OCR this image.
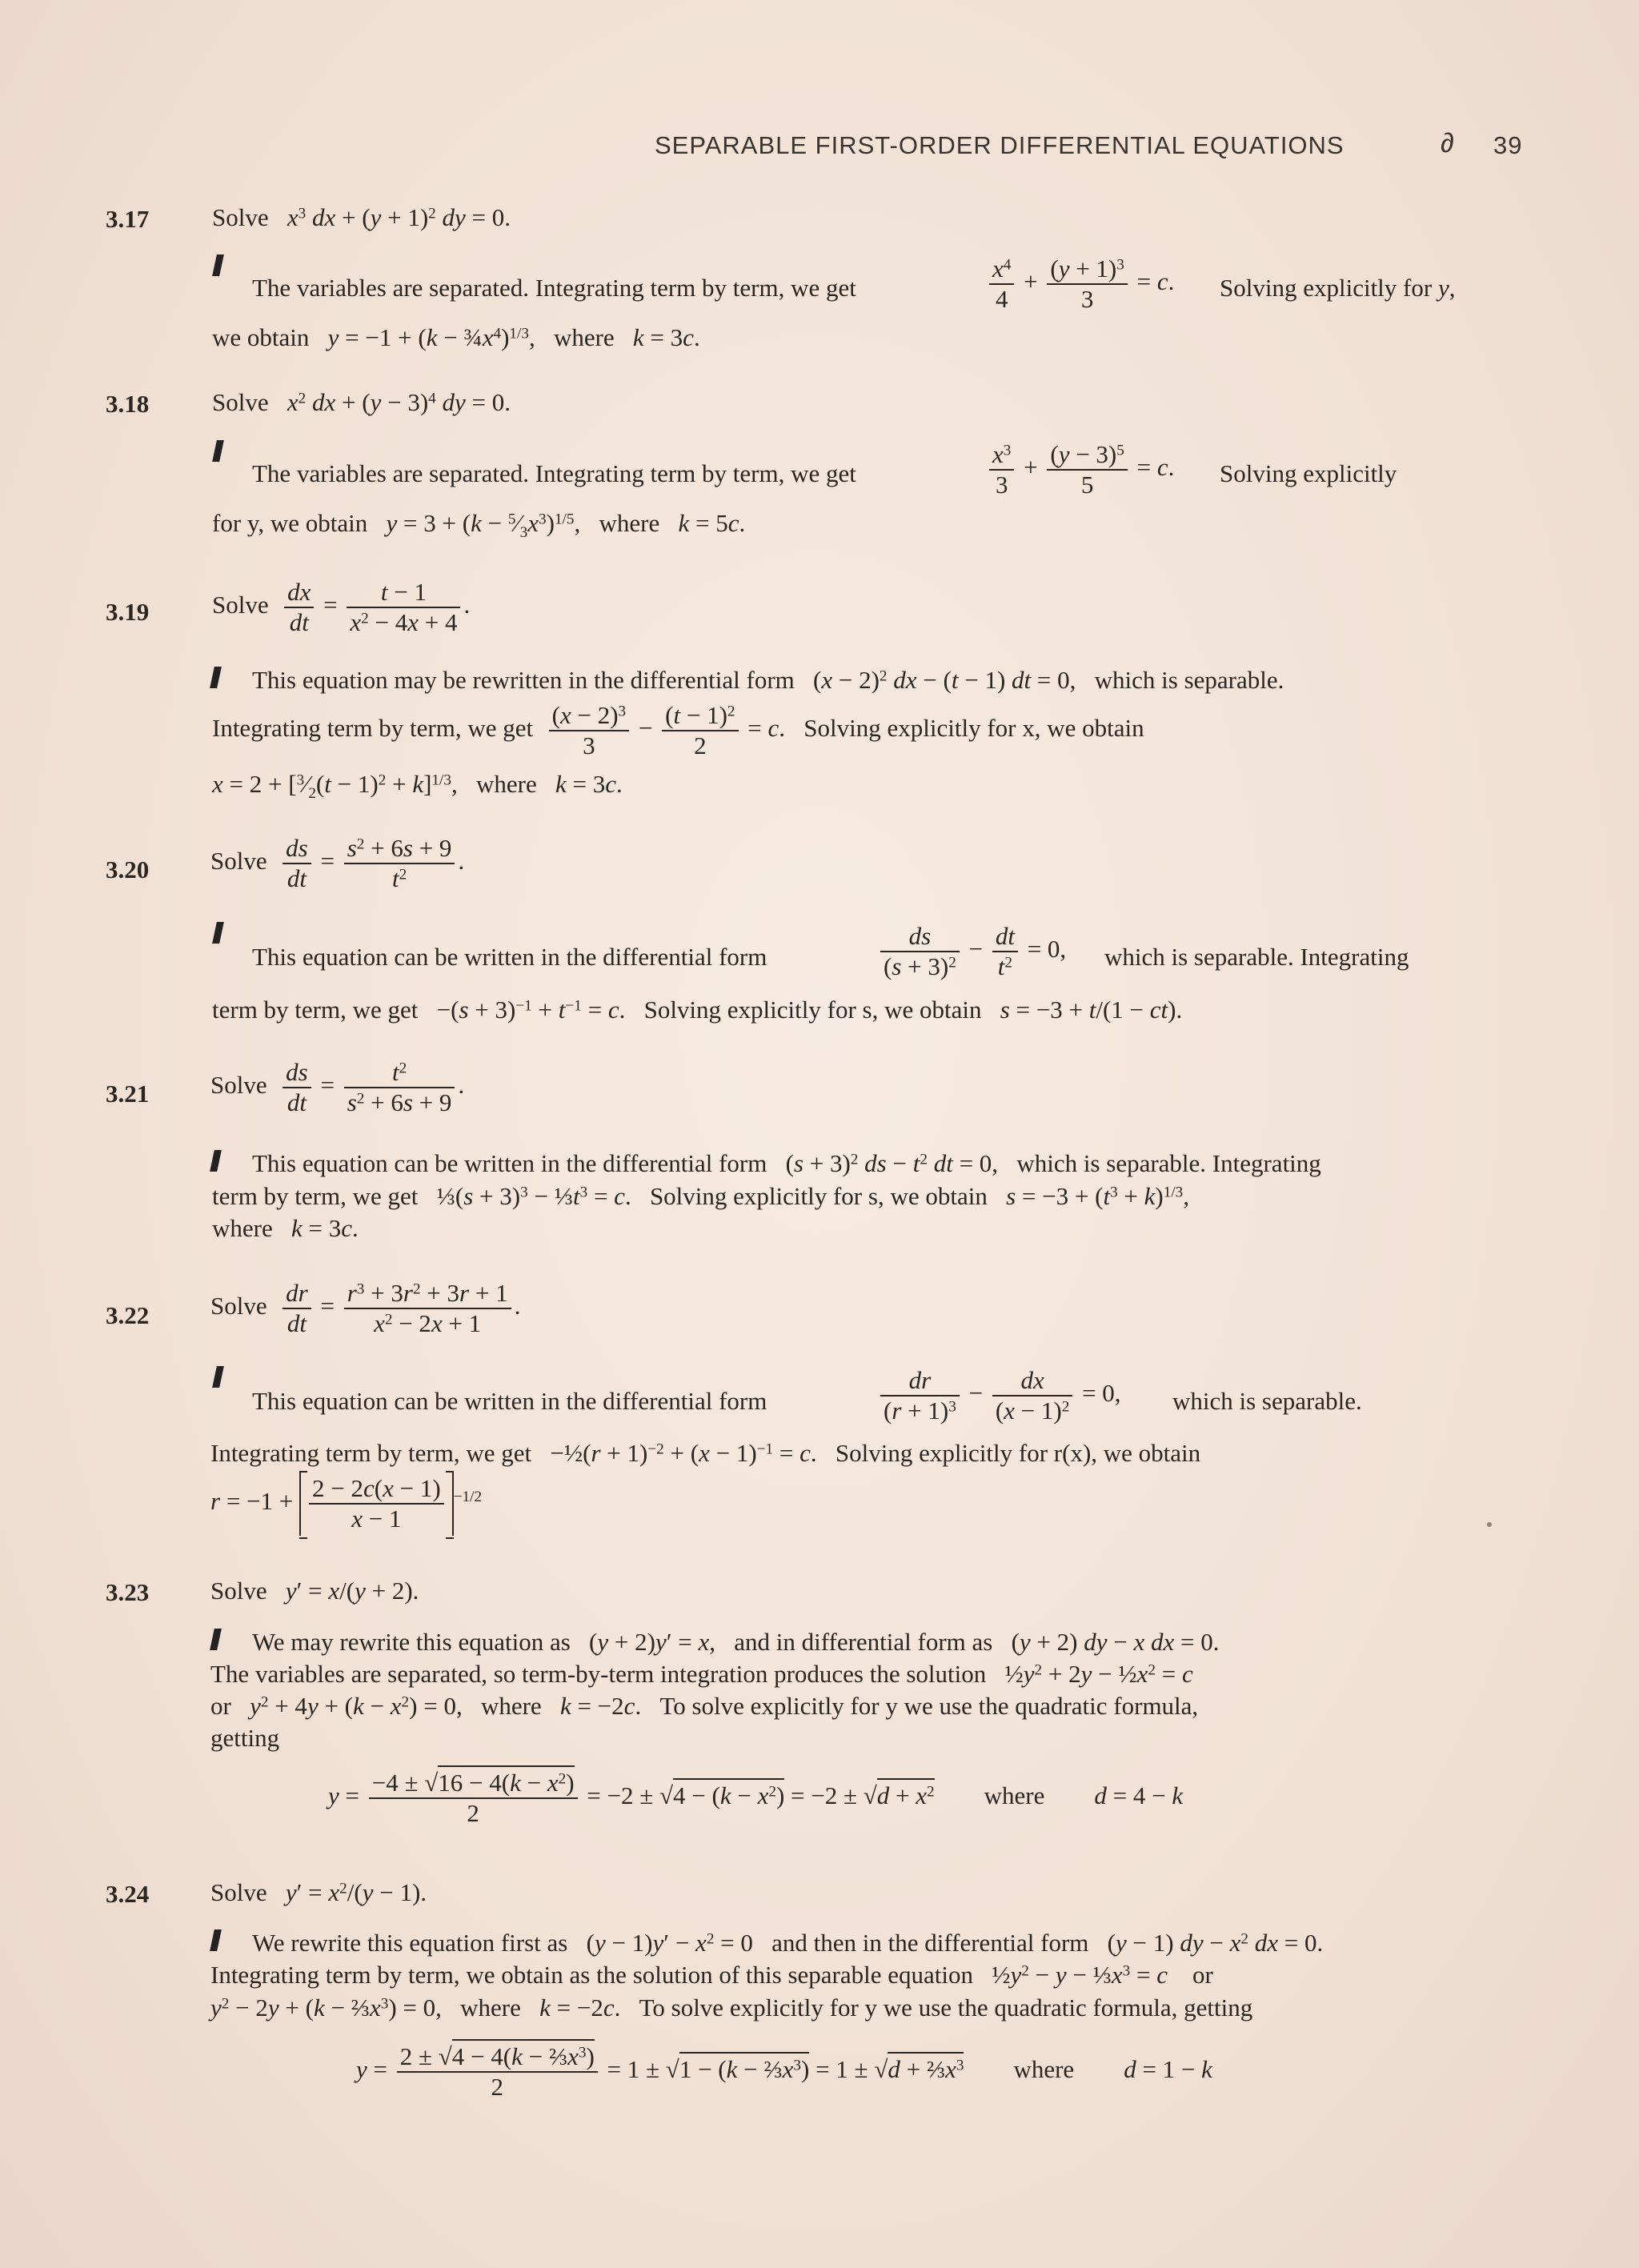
SEPARABLE FIRST-ORDER DIFFERENTIAL EQUATIONS	∂ 39
3.17	Solve $x^3$ dx + $(y + 1)^2$ dy = 0.
The variables are separated. Integrating term by term, we get	$\frac{x^4}{4} + \frac{(y + 1)^3}{3} = c$. Solving explicitly for y,
we obtain $y = -1 + (k - \frac{3}{4}x^4)^{1/3}$,   where k = 3c.
3.18	Solve $x^2$ dx + $(y - 3)^4$ dy = 0.
The variables are separated. Integrating term by term, we get	$\frac{x^3}{3} + \frac{(y - 3)^5}{5} = c$. Solving explicitly
for y, we obtain $y = 3 + (k - ^5⁄_3x^3)^{1/5}$,   where k = 5c.
3.19	Solve $\frac{dx}{dt} = \frac{t - 1}{x^2 - 4x + 4}$ .
This equation may be rewritten in the differential form   $(x - 2)^2$ dx − (t − 1) dt = 0,   which is separable.
Integrating term by term, we get $\frac{(x - 2)^3}{3} - \frac{(t - 1)^2}{2} = c$.   Solving explicitly for x, we obtain
$x = 2 + [^3⁄_2(t - 1)^2 + k]^{1/3}$,   where k = 3c.
3.20 Solve $\frac{ds}{dt} = \frac{s^2 + 6s + 9}{t^2}$ .
This equation can be written in the differential form	$\frac{ds}{(s + 3)^2} - \frac{dt}{t^2} = 0$, which is separable. Integrating
term by term, we get   $-(s + 3)^{-1} + t^{-1} = c$.   Solving explicitly for s, we obtain s = −3 + t/(1 − ct).
3.21 Solve $\frac{ds}{dt} = \frac{t^2}{s^2 + 6s + 9}$ .
This equation can be written in the differential form   $(s + 3)^2$ ds − $t^2$ dt = 0,   which is separable. Integrating
term by term, we get   ⅓(s + $3)^3 - \frac{1}{3}t^3 = c$.   Solving explicitly for s, we obtain $s = -3 + (t^3 + k)^{1/3}$,
where k = 3c.
3.22 Solve $\frac{dr}{dt} = \frac{r^3 + 3r^2 + 3r + 1}{x^2 - 2x + 1}$ .
This equation can be written in the differential form	$\frac{dr}{(r + 1)^3} - \frac{dx}{(x - 1)^2} = 0$, which is separable.
Integrating term by term, we get   −½(r + $1)^{-2} + (x - 1)^{-1} = c$.   Solving explicitly for r(x), we obtain
$r = -1 + \frac{2 - 2c(x - 1)}{x - 1} ^{-1/2}$
3.23 Solve y′ = x/(y + 2).
We may rewrite this equation as   (y + 2)y′ = x,   and in differential form as   (y + 2) dy − x dx = 0.
The variables are separated, so term-by-term integration produces the solution   $\frac{1}{2}y^2 + 2y$ − $\frac{1}{2}x^2 = c$
or $y^2 + 4y + (k - x^2) = 0$,   where k = −2c.   To solve explicitly for y we use the quadratic formula,
getting
$y = \frac{-4 \pm √16 - 4(k - x^2)}{2} = -2 \pm √4 - (k - x^2) = -2 \pm √d + x^2$ where d = 4 − k
3.24 Solve $y' = x^2/(y - 1)$.
We rewrite this equation first as   $(y - 1)y' - x^2 = 0$   and then in the differential form   (y − 1) dy − $x^2$ dx = 0.
Integrating term by term, we obtain as the solution of this separable equation   $\frac{1}{2}y^2 - y$ − $\frac{1}{3}x^3 = c$ or
$y^2 - 2y + (k$ − $\frac{2}{3}x^3) = 0$,   where k = −2c.   To solve explicitly for y we use the quadratic formula, getting
$y = \frac{2 \pm √4 - 4(k - \frac{2}{3}x^3)}{2} = 1 \pm √1 - (k$ − $\frac{2}{3}x^3) = 1 \pm √d$ + $\frac{2}{3}x^3$ where d = 1 − k
